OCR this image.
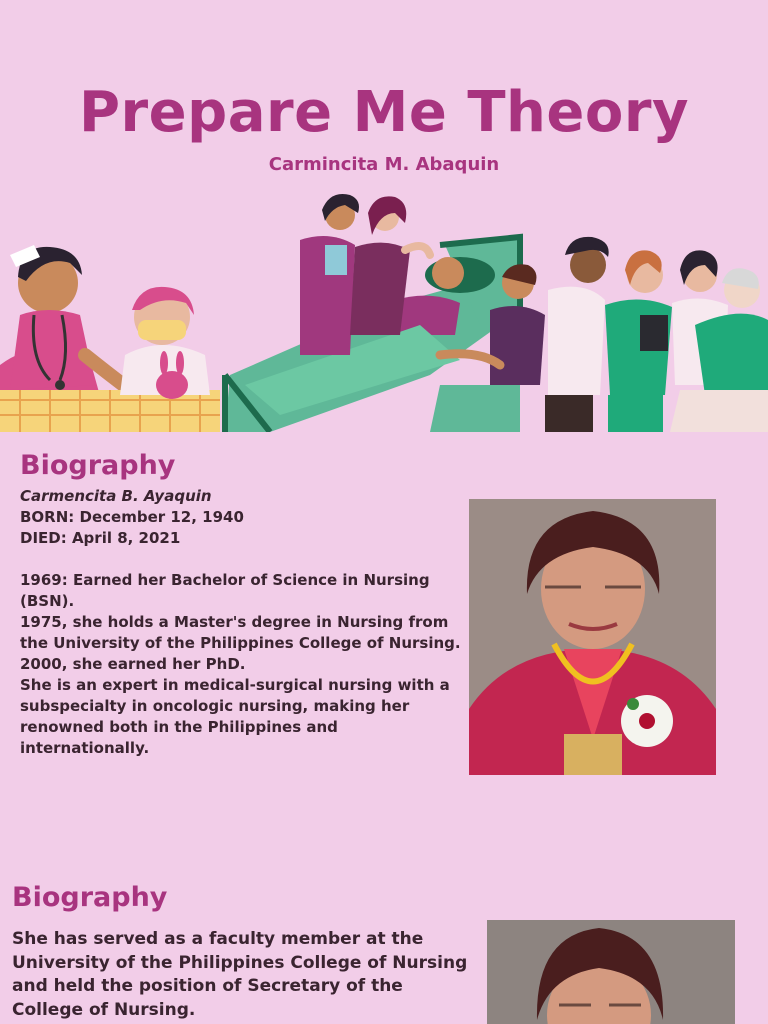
Prepare Me Theory
Carmincita M. Abaquin
Biography

Carmencita B. Ayaquin

BORN: December 12, 1940

DIED: April 8, 2021

1969: Earned her Bachelor of Science in Nursing (BSN).

1975, she holds a Master's degree in Nursing from the University of the Philippines College of Nursing.

2000, she earned her PhD.

She is an expert in medical-surgical nursing with a subspecialty in oncologic nursing, making her renowned both in the Philippines and internationally.

Biography
She has served as a faculty member at the University of the Philippines College of Nursing and held the position of Secretary of the College of Nursing.
